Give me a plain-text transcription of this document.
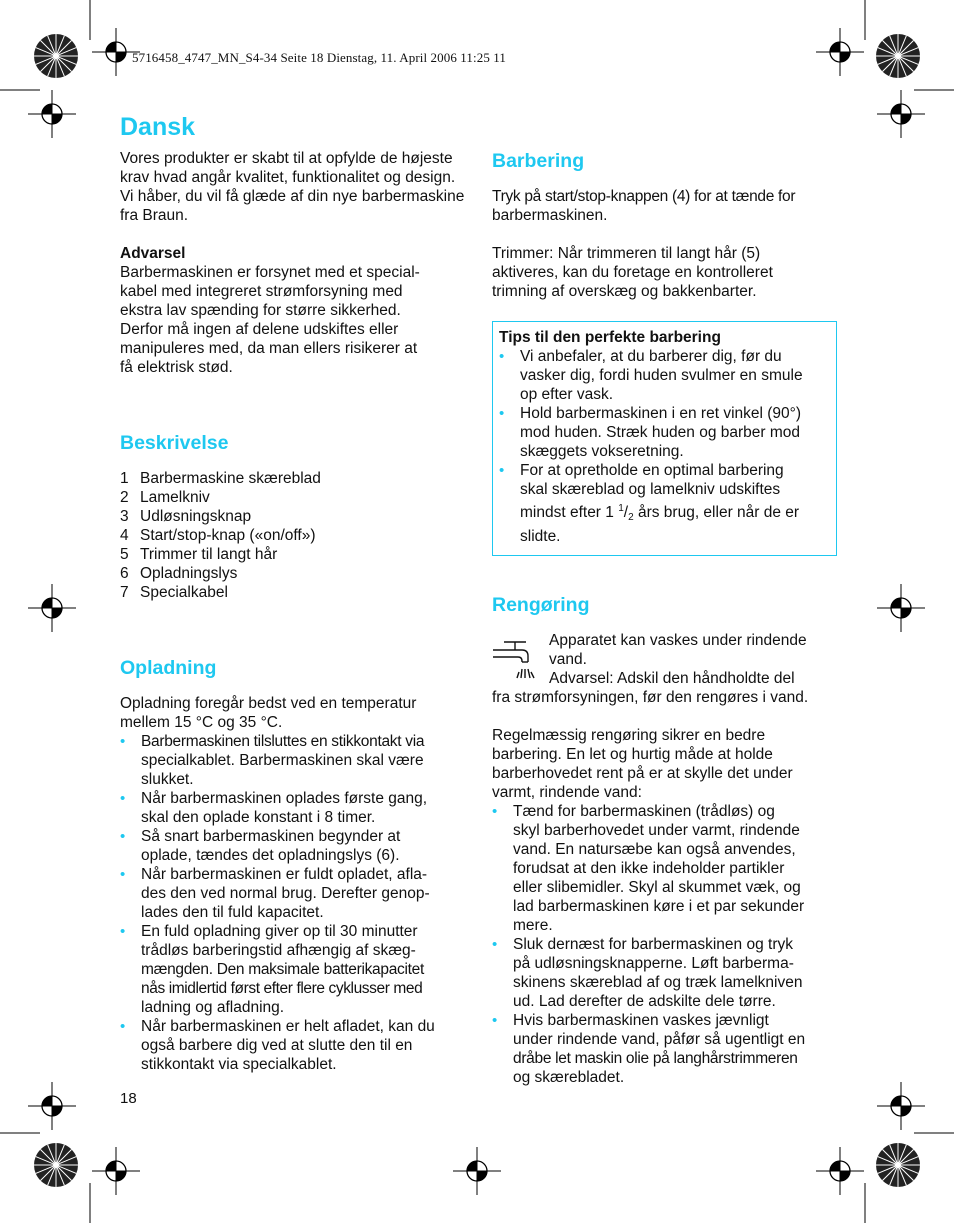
5716458_4747_MN_S4-34 Seite 18 Dienstag, 11. April 2006 11:25 11
Dansk

Vores produkter er skabt til at opfylde de højeste krav hvad angår kvalitet, funktionalitet og design. Vi håber, du vil få glæde af din nye barbermaskine fra Braun.

Advarsel

Barbermaskinen er forsynet med et special-
kabel med integreret strømforsyning med
ekstra lav spænding for større sikkerhed.
Derfor må ingen af delene udskiftes eller
manipuleres med, da man ellers risikerer at
få elektrisk stød.

Beskrivelse
1 Barbermaskine skæreblad
2 Lamelkniv
3 Udløsningsknap
4 Start/stop-knap («on/off»)
5 Trimmer til langt hår
6 Opladningslys
7 Specialkabel
Opladning

Opladning foregår bedst ved en temperatur
mellem 15 °C og 35 °C.

• Barbermaskinen tilsluttes en stikkontakt via
specialkablet. Barbermaskinen skal være
slukket.
• Når barbermaskinen oplades første gang,
skal den oplade konstant i 8 timer.
• Så snart barbermaskinen begynder at
oplade, tændes det opladningslys (6).
• Når barbermaskinen er fuldt opladet, afla-
des den ved normal brug. Derefter genop-
lades den til fuld kapacitet.
• En fuld opladning giver op til 30 minutter
trådløs barberingstid afhængig af skæg-
mængden. Den maksimale batterikapacitet
nås imidlertid først efter flere cyklusser med
ladning og afladning.
• Når barbermaskinen er helt afladet, kan du
også barbere dig ved at slutte den til en
stikkontakt via specialkablet.
Barbering

Tryk på start/stop-knappen (4) for at tænde for
barbermaskinen.

Trimmer: Når trimmeren til langt hår (5)
aktiveres, kan du foretage en kontrolleret
trimning af overskæg og bakkenbarter.

Tips til den perfekte barbering

• Vi anbefaler, at du barberer dig, før du
vasker dig, fordi huden svulmer en smule
op efter vask.
• Hold barbermaskinen i en ret vinkel (90°)
mod huden. Stræk huden og barber mod
skæggets vokseretning.
• For at opretholde en optimal barbering
skal skæreblad og lamelkniv udskiftes
mindst efter 1 $^1/_2$ års brug, eller når de er
slidte.
Rengøring

Apparatet kan vaskes under rindende
vand.
Advarsel: Adskil den håndholdte del

fra strømforsyningen, før den rengøres i vand.

Regelmæssig rengøring sikrer en bedre
barbering. En let og hurtig måde at holde
barberhovedet rent på er at skylle det under
varmt, rindende vand:

• Tænd for barbermaskinen (trådløs) og
skyl barberhovedet under varmt, rindende
vand. En natursæbe kan også anvendes,
forudsat at den ikke indeholder partikler
eller slibemidler. Skyl al skummet væk, og
lad barbermaskinen køre i et par sekunder
mere.
• Sluk dernæst for barbermaskinen og tryk
på udløsningsknapperne. Løft barberma-
skinens skæreblad af og træk lamelkniven
ud. Lad derefter de adskilte dele tørre.
• Hvis barbermaskinen vaskes jævnligt
under rindende vand, påfør så ugentligt en
dråbe let maskin olie på langhårstrimmeren
og skærebladet.
18
